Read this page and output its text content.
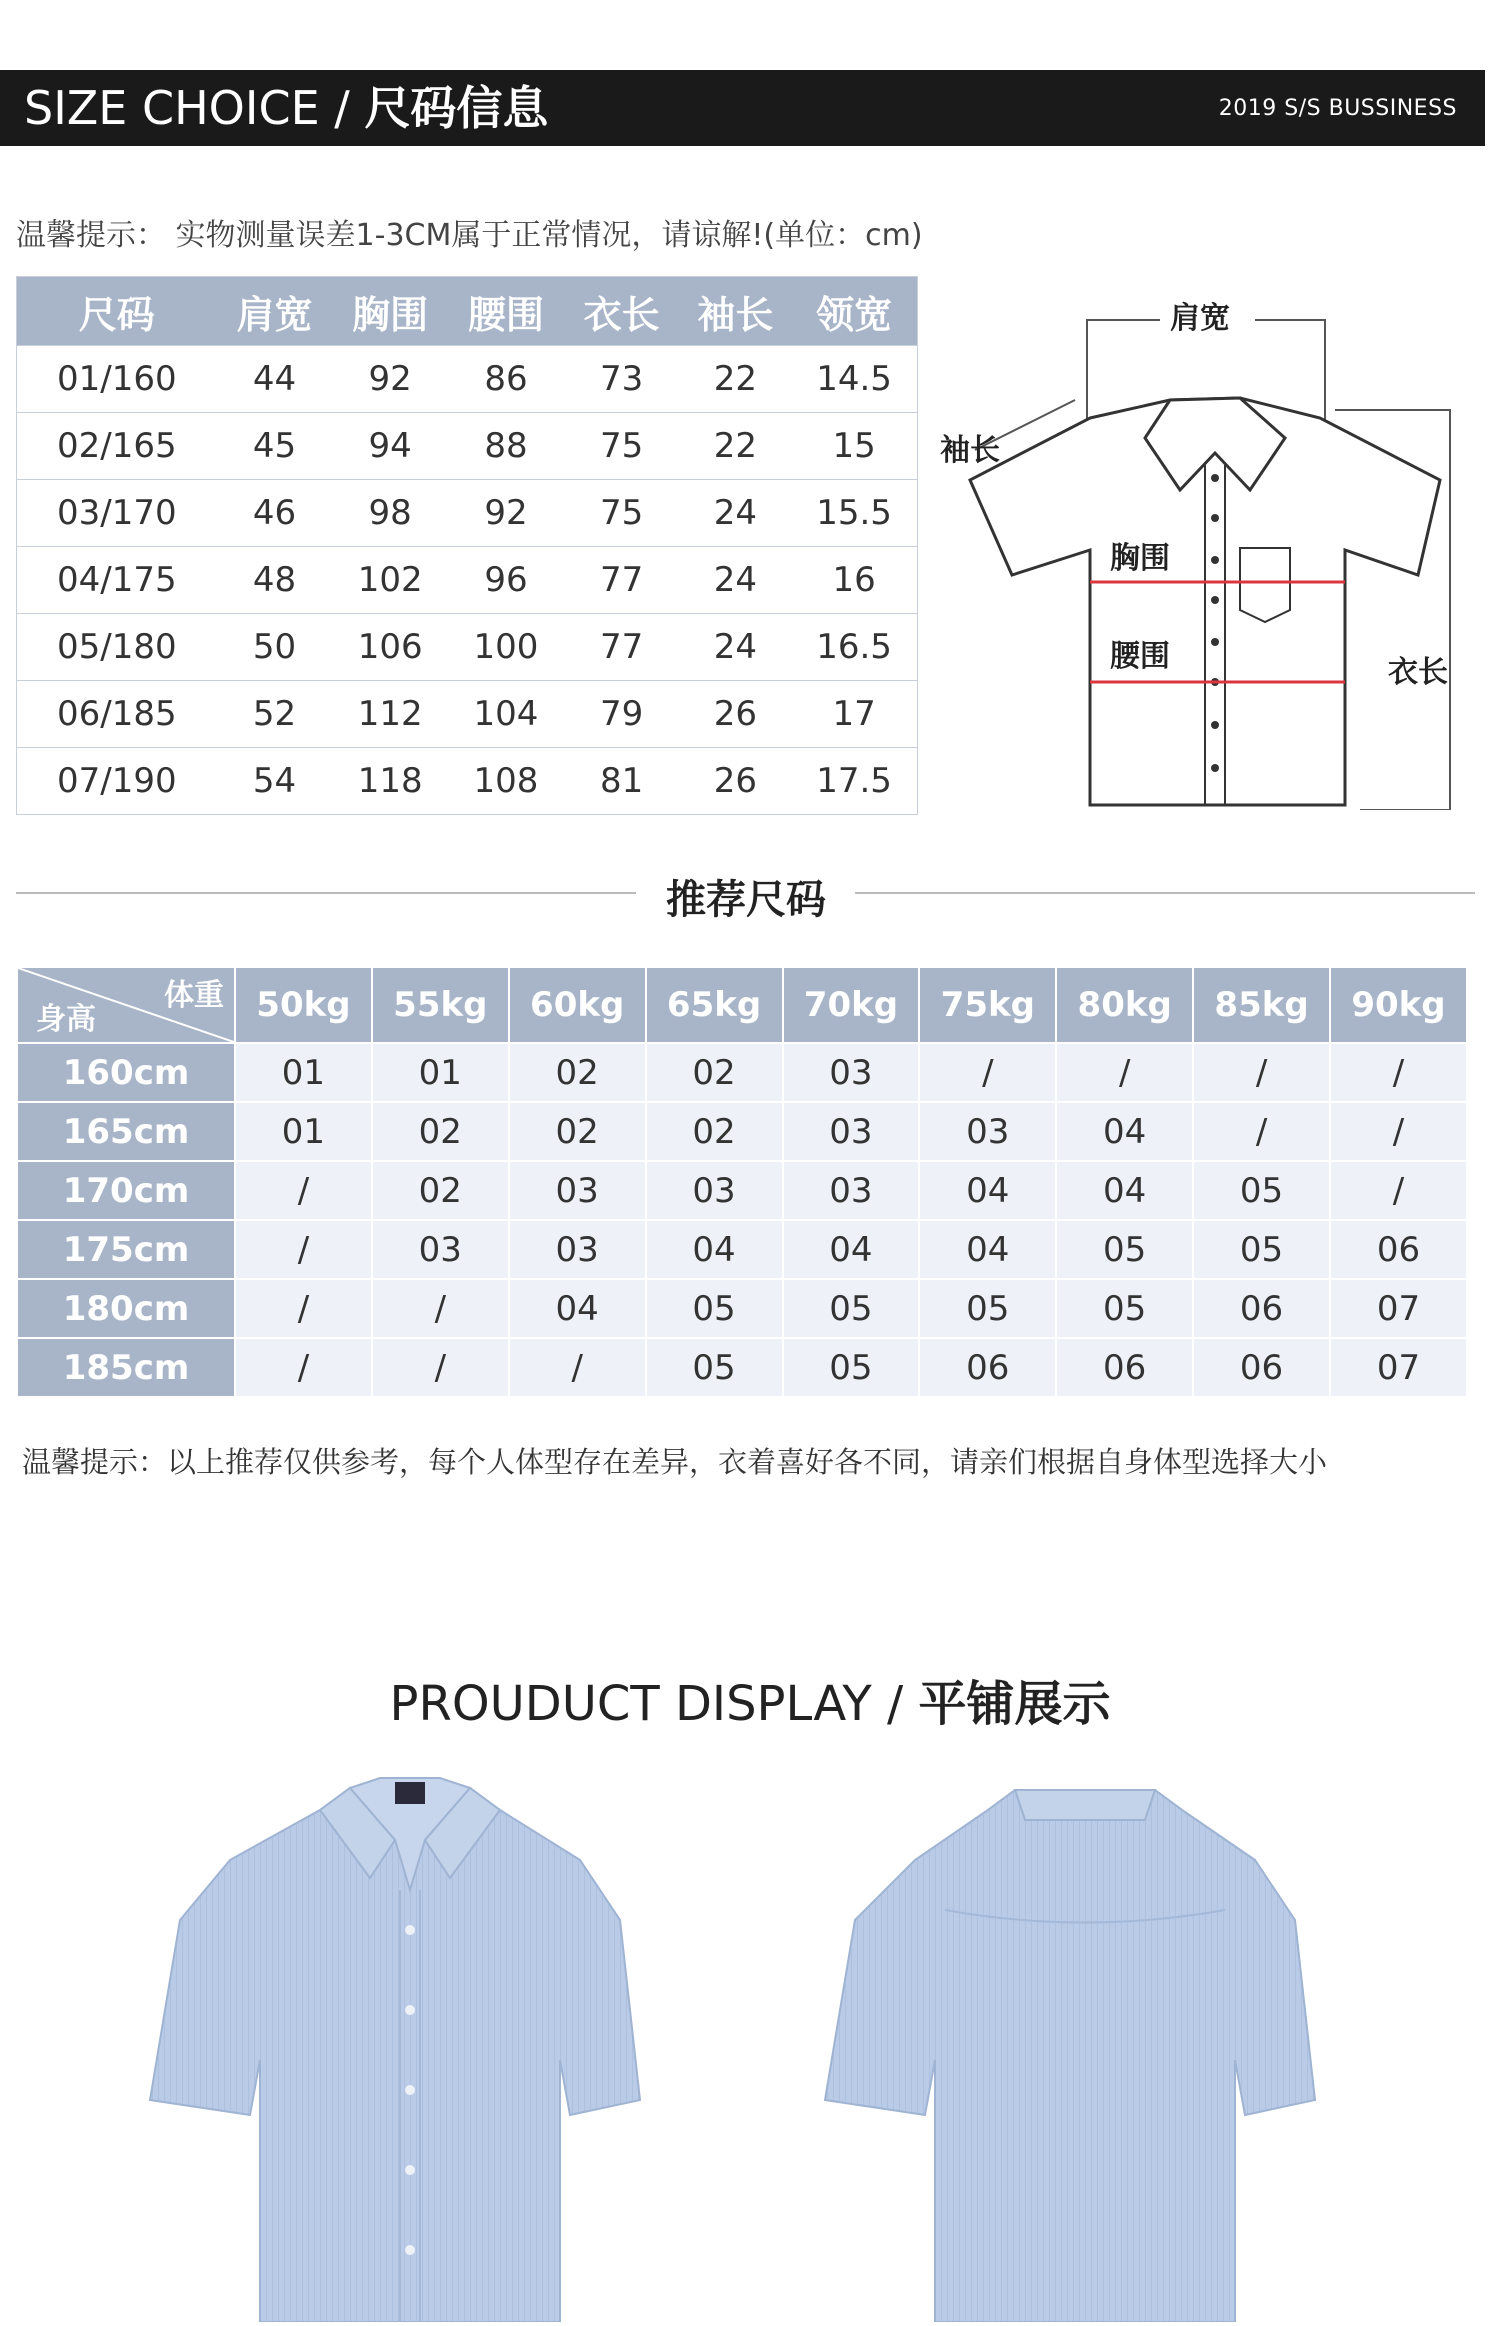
SIZE CHOICE / 尺码信息	2019 S/S BUSSINESS
温馨提示： 实物测量误差1-3CM属于正常情况，请谅解!(单位：cm)
尺码	肩宽	胸围	腰围	衣长	袖长	领宽
01/160	44	92	86	73	22	14.5
02/165	45	94	88	75	22	15
03/170	46	98	92	75	24	15.5
04/175	48	102	96	77	24	16
05/180	50	106	100	77	24	16.5
06/185	52	112	104	79	26	17
07/190	54	118	108	81	26	17.5
肩宽
袖长
胸围
腰围	衣长
推荐尺码
体重
身高	50kg	55kg	60kg	65kg	70kg	75kg	80kg	85kg	90kg
160cm	01	01	02	02	03	/	/	/	/
165cm	01	02	02	02	03	03	04	/	/
170cm	/	02	03	03	03	04	04	05	/
175cm	/	03	03	04	04	04	05	05	06
180cm	/	/	04	05	05	05	05	06	07
185cm	/	/	/	05	05	06	06	06	07
温馨提示：以上推荐仅供参考，每个人体型存在差异，衣着喜好各不同，请亲们根据自身体型选择大小
PROUDUCT DISPLAY / 平铺展示
